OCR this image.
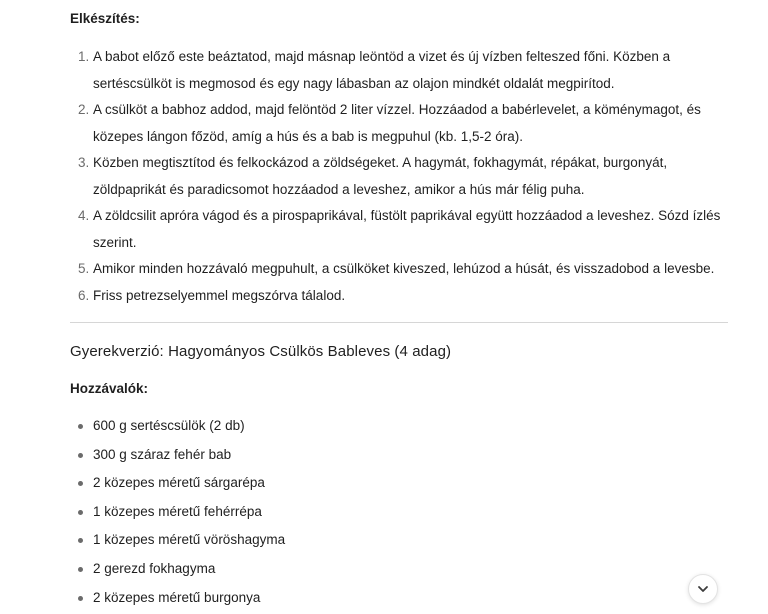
Elkészítés:
1. A babot előző este beáztatod, majd másnap leöntöd a vizet és új vízben felteszed főni. Közben a sertéscsülköt is megmosod és egy nagy lábasban az olajon mindkét oldalát megpirítod.
2. A csülköt a babhoz addod, majd felöntöd 2 liter vízzel. Hozzáadod a babérlevelet, a köménymagot, és közepes lángon főzöd, amíg a hús és a bab is megpuhul (kb. 1,5-2 óra).
3. Közben megtisztítod és felkockázod a zöldségeket. A hagymát, fokhagymát, répákat, burgonyát, zöldpaprikát és paradicsomot hozzáadod a leveshez, amikor a hús már félig puha.
4. A zöldcsilit apróra vágod és a pirospaprikával, füstölt paprikával együtt hozzáadod a leveshez. Sózd ízlés szerint.
5. Amikor minden hozzávaló megpuhult, a csülköket kiveszed, lehúzod a húsát, és visszadobod a levesbe.
6. Friss petrezselyemmel megszórva tálalod.
Gyerekverzió: Hagyományos Csülkös Bableves (4 adag)
Hozzávalók:
600 g sertéscsülök (2 db)
300 g száraz fehér bab
2 közepes méretű sárgarépa
1 közepes méretű fehérrépa
1 közepes méretű vöröshagyma
2 gerezd fokhagyma
2 közepes méretű burgonya
